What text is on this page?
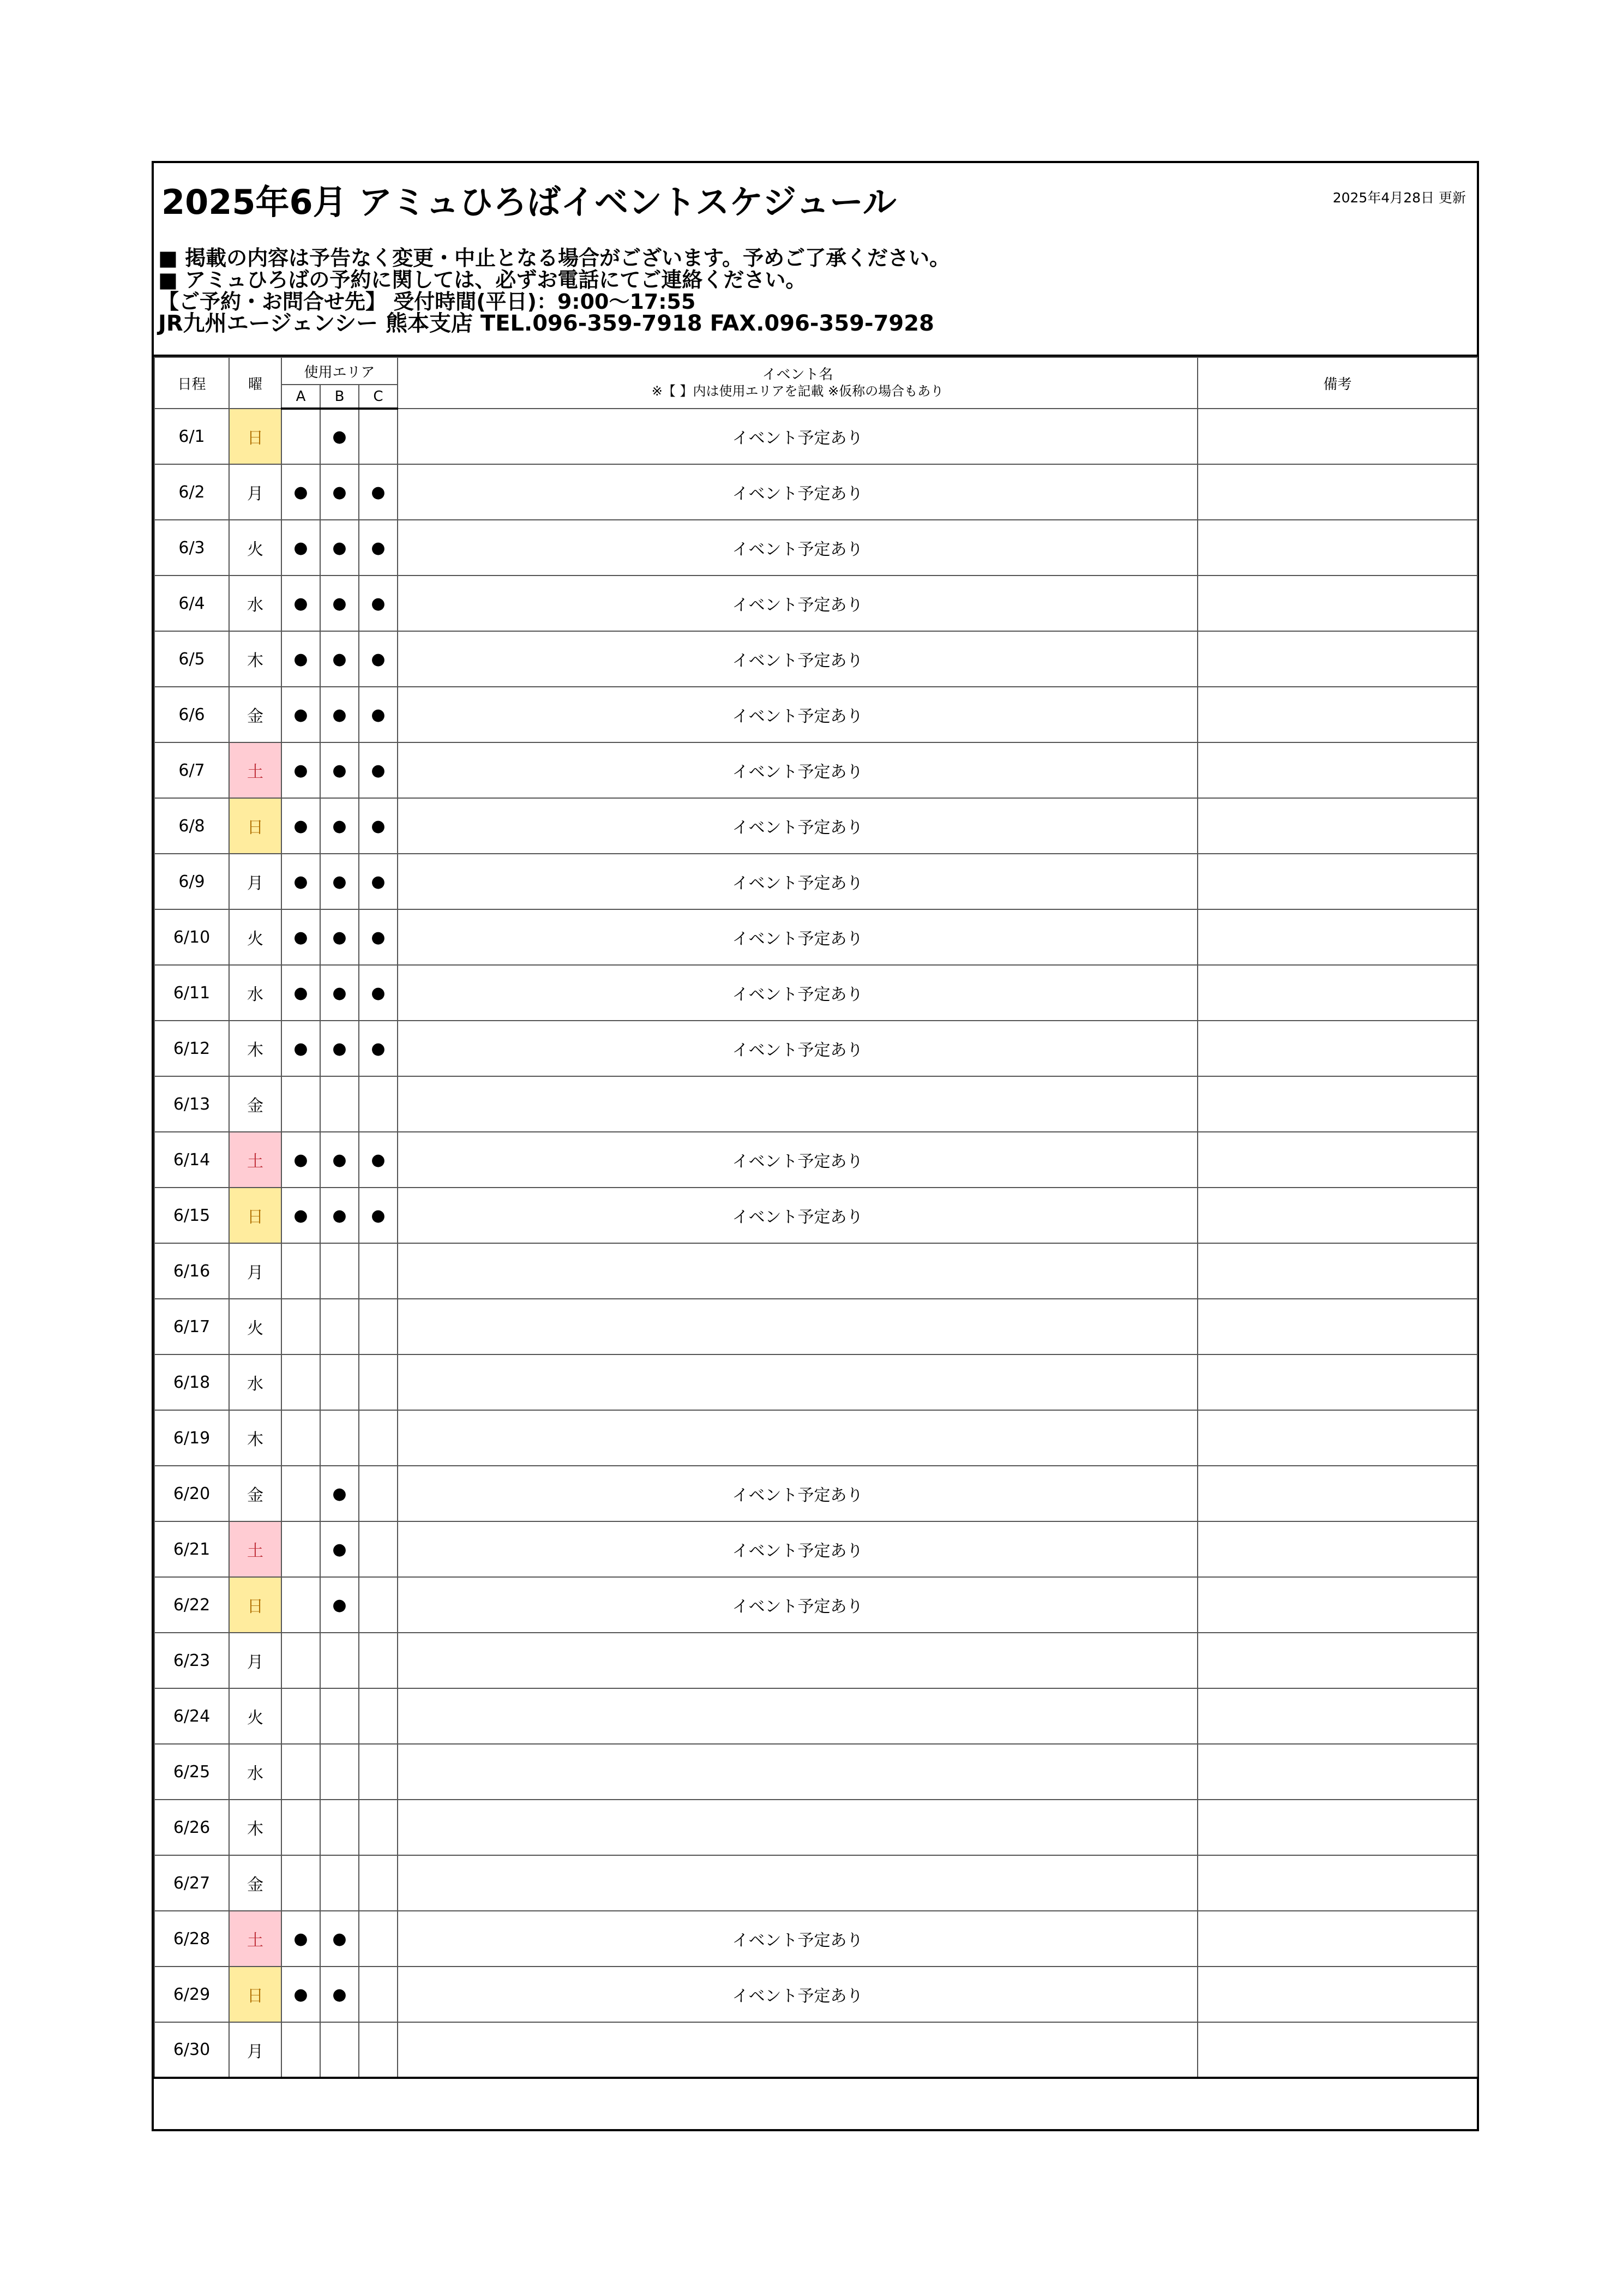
2025年6月 アミュひろばイベントスケジュール	2025年4月28日 更新
■ 掲載の内容は予告なく変更・中止となる場合がございます。予めご了承ください。
■ アミュひろばの予約に関しては、必ずお電話にてご連絡ください。
【ご予約・お問合せ先】 受付時間(平日)：9:00～17:55
JR九州エージェンシー 熊本支店 TEL.096-359-7918 FAX.096-359-7928
日程	曜	使用エリア			イベント名
※【 】内は使用エリアを記載 ※仮称の場合もあり	備考
		A	B	C		
6/1	日		●		イベント予定あり	
6/2	月	●	●	●	イベント予定あり	
6/3	火	●	●	●	イベント予定あり	
6/4	水	●	●	●	イベント予定あり	
6/5	木	●	●	●	イベント予定あり	
6/6	金	●	●	●	イベント予定あり	
6/7	土	●	●	●	イベント予定あり	
6/8	日	●	●	●	イベント予定あり	
6/9	月	●	●	●	イベント予定あり	
6/10	火	●	●	●	イベント予定あり	
6/11	水	●	●	●	イベント予定あり	
6/12	木	●	●	●	イベント予定あり	
6/13	金					
6/14	土	●	●	●	イベント予定あり	
6/15	日	●	●	●	イベント予定あり	
6/16	月					
6/17	火					
6/18	水					
6/19	木					
6/20	金		●		イベント予定あり	
6/21	土		●		イベント予定あり	
6/22	日		●		イベント予定あり	
6/23	月					
6/24	火					
6/25	水					
6/26	木					
6/27	金					
6/28	土	●	●		イベント予定あり	
6/29	日	●	●		イベント予定あり	
6/30	月					
